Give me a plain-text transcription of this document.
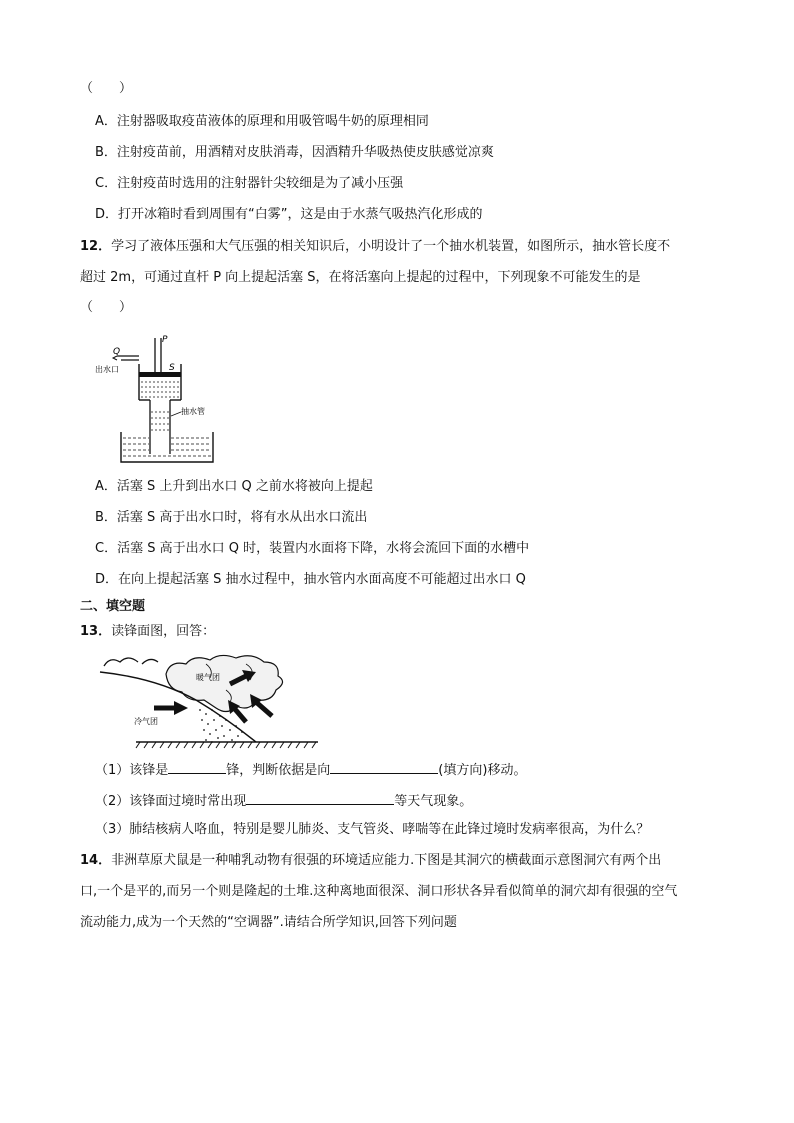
（　　）
A．注射器吸取疫苗液体的原理和用吸管喝牛奶的原理相同
B．注射疫苗前，用酒精对皮肤消毒，因酒精升华吸热使皮肤感觉凉爽
C．注射疫苗时选用的注射器针尖较细是为了减小压强
D．打开冰箱时看到周围有“白雾”，这是由于水蒸气吸热汽化形成的
12．学习了液体压强和大气压强的相关知识后，小明设计了一个抽水机装置，如图所示，抽水管长度不
超过 2m，可通过直杆 P 向上提起活塞 S，在将活塞向上提起的过程中，下列现象不可能发生的是
（　　）
P
S
Q
出水口
抽水管
A．活塞 S 上升到出水口 Q 之前水将被向上提起
B．活塞 S 高于出水口时，将有水从出水口流出
C．活塞 S 高于出水口 Q 时，装置内水面将下降，水将会流回下面的水槽中
D．在向上提起活塞 S 抽水过程中，抽水管内水面高度不可能超过出水口 Q
二、填空题
13．读锋面图，回答：
暖气团
冷气团
（1）该锋是	锋，判断依据是向	(填方向)移动。
（2）该锋面过境时常出现	等天气现象。
（3）肺结核病人咯血，特别是婴儿肺炎、支气管炎、哮喘等在此锋过境时发病率很高，为什么？
14．非洲草原犬鼠是一种哺乳动物有很强的环境适应能力.下图是其洞穴的横截面示意图洞穴有两个出
口,一个是平的,而另一个则是隆起的土堆.这种离地面很深、洞口形状各异看似简单的洞穴却有很强的空气
流动能力,成为一个天然的“空调器”.请结合所学知识,回答下列问题
